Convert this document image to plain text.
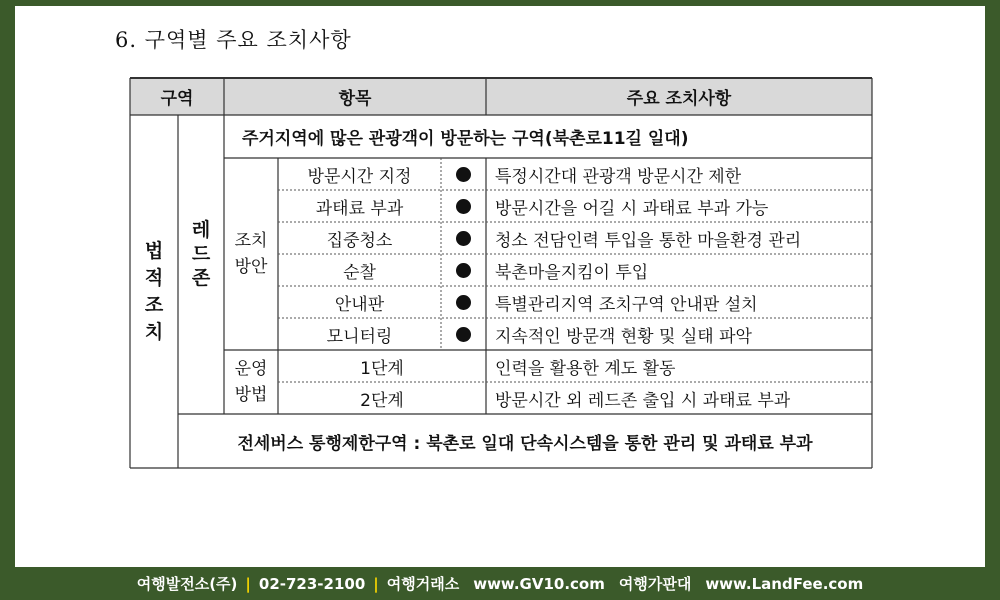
6. 구역별 주요 조치사항
구역	항목	주요 조치사항
법
적
조
치
레
드
존
주거지역에 많은 관광객이 방문하는 구역(북촌로11길 일대)
조치
방안
방문시간 지정	특정시간대 관광객 방문시간 제한
과태료 부과	방문시간을 어길 시 과태료 부과 가능
집중청소	청소 전담인력 투입을 통한 마을환경 관리
순찰	북촌마을지킴이 투입
안내판	특별관리지역 조치구역 안내판 설치
모니터링	지속적인 방문객 현황 및 실태 파악
운영
방법
1단계	인력을 활용한 계도 활동
2단계	방문시간 외 레드존 출입 시 과태료 부과
전세버스 통행제한구역 : 북촌로 일대 단속시스템을 통한 관리 및 과태료 부과
여행발전소(주) | 02-723-2100 | 여행거래소 www.GV10.com 여행가판대 www.LandFee.com
